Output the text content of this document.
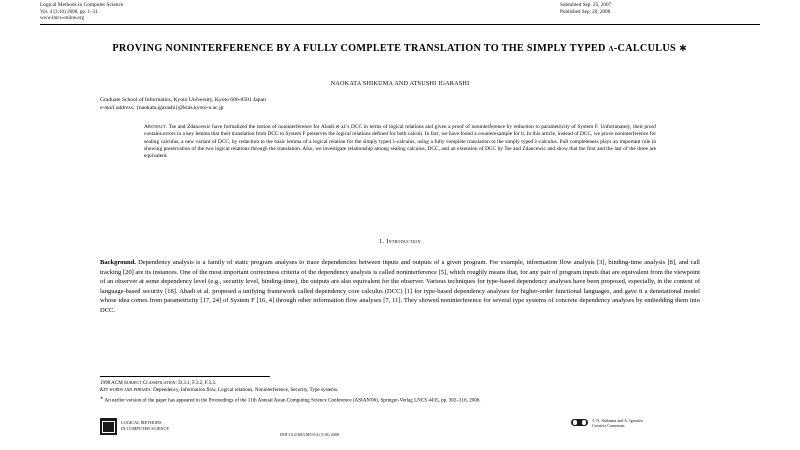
Logical Methods in Computer Science
Vol. 4 (3:10) 2008, pp. 1–31
www.lmcs-online.org
Submitted Sep. 25, 2007
Published Sep. 20, 2008
PROVING NONINTERFERENCE BY A FULLY COMPLETE TRANSLATION TO THE SIMPLY TYPED λ-CALCULUS ∗
NAOKATA SHIKUMA AND ATSUSHI IGARASHI
Graduate School of Informatics, Kyoto University, Kyoto 606-8501 Japan
e-mail address: {naokata,igarashi}@kuis.kyoto-u.ac.jp
Abstract. Tse and Zdancewic have formalized the notion of noninterference for Abadi et al.'s DCC in terms of logical relations and given a proof of noninterference by reduction to parametricity of System F. Unfortunately, their proof contains errors in a key lemma that their translation from DCC to System F preserves the logical relations defined for both calculi. In fact, we have found a counterexample for it. In this article, instead of DCC, we prove noninterference for sealing calculus, a new variant of DCC, by reduction to the basic lemma of a logical relation for the simply typed λ-calculus, using a fully complete translation to the simply typed λ-calculus. Full completeness plays an important role in showing preservation of the two logical relations through the translation. Also, we investigate relationship among sealing calculus, DCC, and an extension of DCC by Tse and Zdancewic and show that the first and the last of the three are equivalent.
1. Introduction
Background. Dependency analysis is a family of static program analyses to trace dependencies between inputs and outputs of a given program. For example, information flow analysis [3], binding-time analysis [8], and call tracking [20] are its instances. One of the most important correctness criteria of the dependency analysis is called noninterference [5], which roughly means that, for any pair of program inputs that are equivalent from the viewpoint of an observer at some dependency level (e.g., security level, binding-time), the outputs are also equivalent for the observer. Various techniques for type-based dependency analyses have been proposed, especially, in the context of language-based security [18]. Abadi et al. proposed a unifying framework called dependency core calculus (DCC) [1] for type-based dependency analyses for higher-order functional languages, and gave it a denotational model whose idea comes from parametricity [17, 24] of System F [16, 4] through other information flow analyses [7, 11]. They showed noninterference for several type systems of concrete dependency analyses by embedding them into DCC.
1998 ACM Subject Classification: D.3.1, F.3.2, F.3.3.
Key words and phrases: Dependency, Information flow, Logical relations, Noninterference, Security, Type systems.
∗ An earlier version of the paper has appeared in the Proceedings of the 11th Annual Asian Computing Science Conference (ASIAN'06), Springer-Verlag LNCS 4435, pp. 302–316, 2006.
LOGICAL METHODS
IN COMPUTER SCIENCE
DOI:10.2168/LMCS-4 (3:10) 2008
© N. Shikuma and A. Igarashi
Creative Commons
